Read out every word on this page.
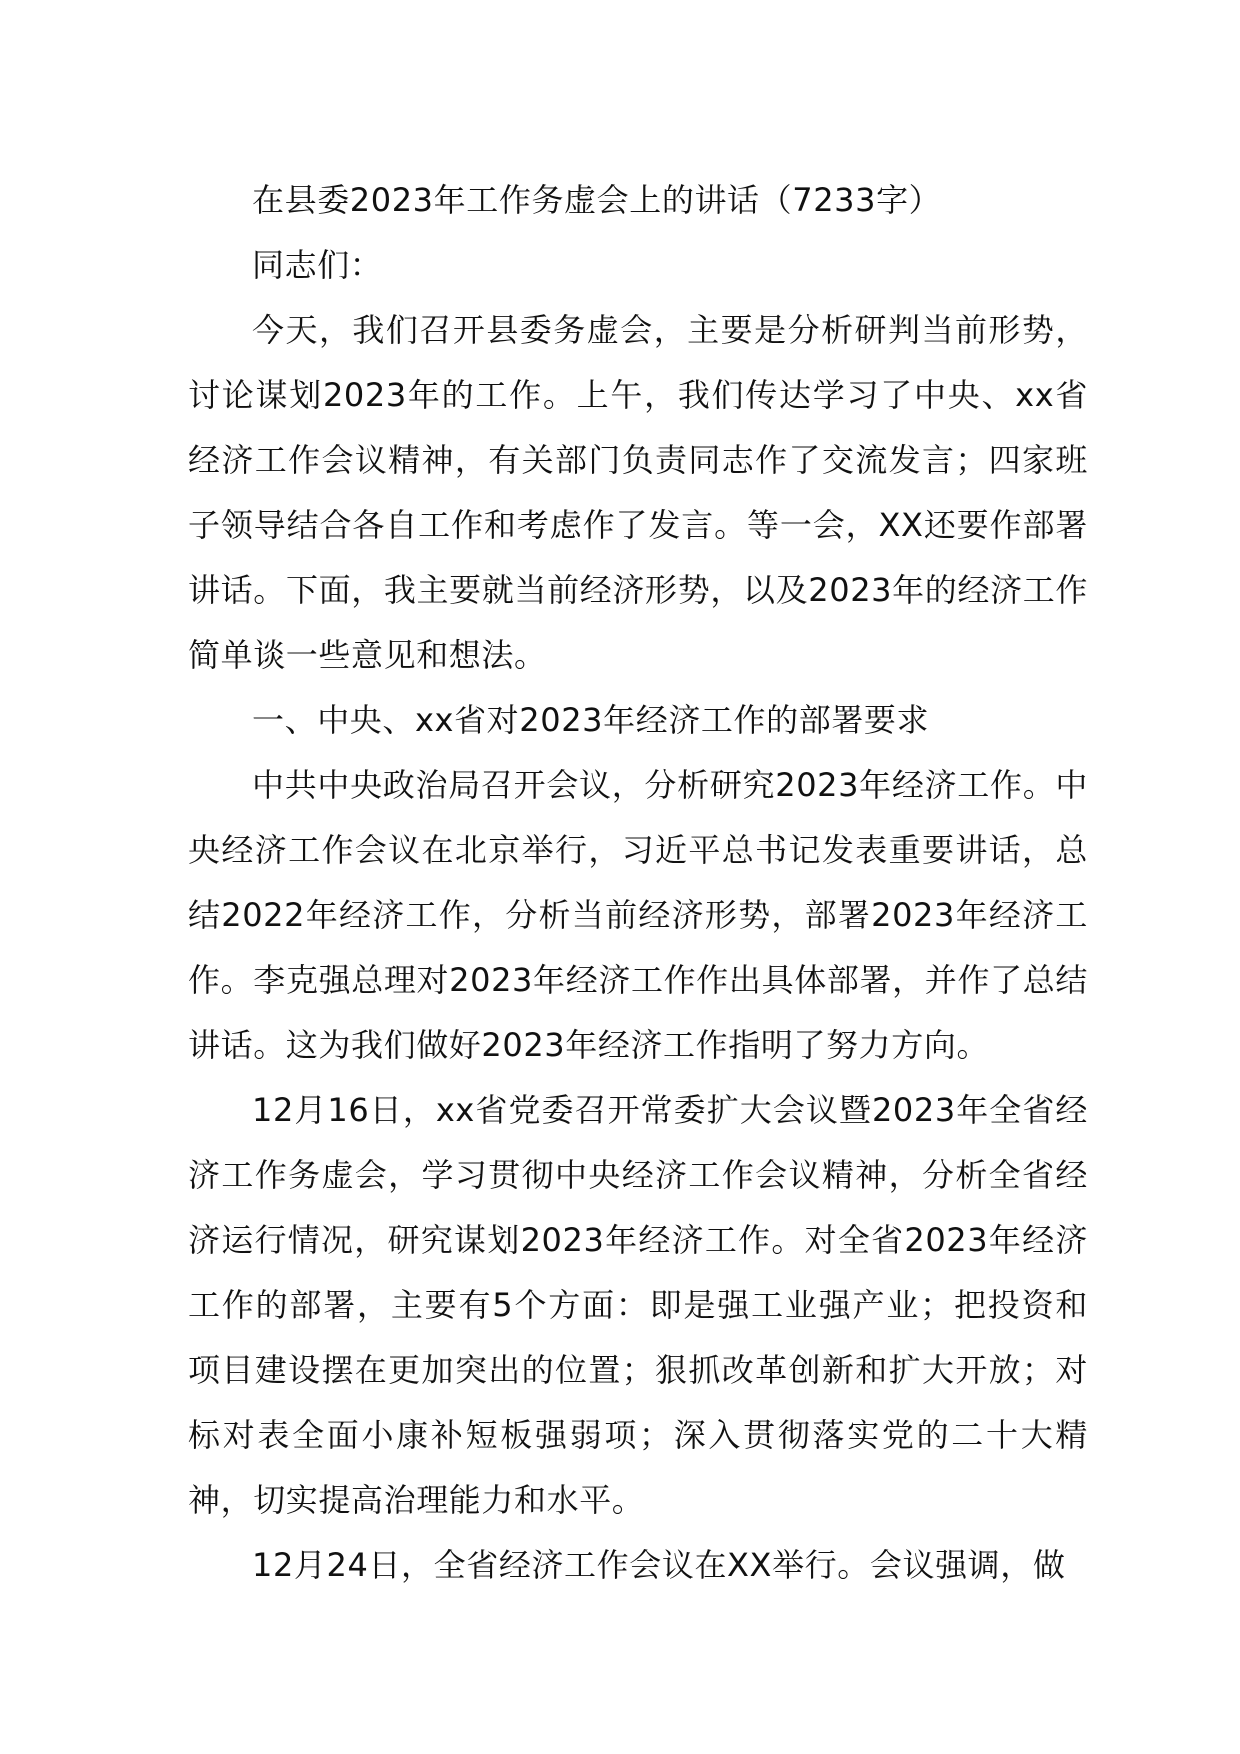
在县委2023年工作务虚会上的讲话（7233字）

同志们：

今天，我们召开县委务虚会，主要是分析研判当前形势，讨论谋划2023年的工作。上午，我们传达学习了中央、xx省经济工作会议精神，有关部门负责同志作了交流发言；四家班子领导结合各自工作和考虑作了发言。等一会，XX还要作部署讲话。下面，我主要就当前经济形势，以及2023年的经济工作简单谈一些意见和想法。

一、中央、xx省对2023年经济工作的部署要求

中共中央政治局召开会议，分析研究2023年经济工作。中央经济工作会议在北京举行，习近平总书记发表重要讲话，总结2022年经济工作，分析当前经济形势，部署2023年经济工作。李克强总理对2023年经济工作作出具体部署，并作了总结讲话。这为我们做好2023年经济工作指明了努力方向。

12月16日，xx省党委召开常委扩大会议暨2023年全省经济工作务虚会，学习贯彻中央经济工作会议精神，分析全省经济运行情况，研究谋划2023年经济工作。对全省2023年经济工作的部署，主要有5个方面：即是强工业强产业；把投资和项目建设摆在更加突出的位置；狠抓改革创新和扩大开放；对标对表全面小康补短板强弱项；深入贯彻落实党的二十大精神，切实提高治理能力和水平。

12月24日，全省经济工作会议在XX举行。会议强调，做
